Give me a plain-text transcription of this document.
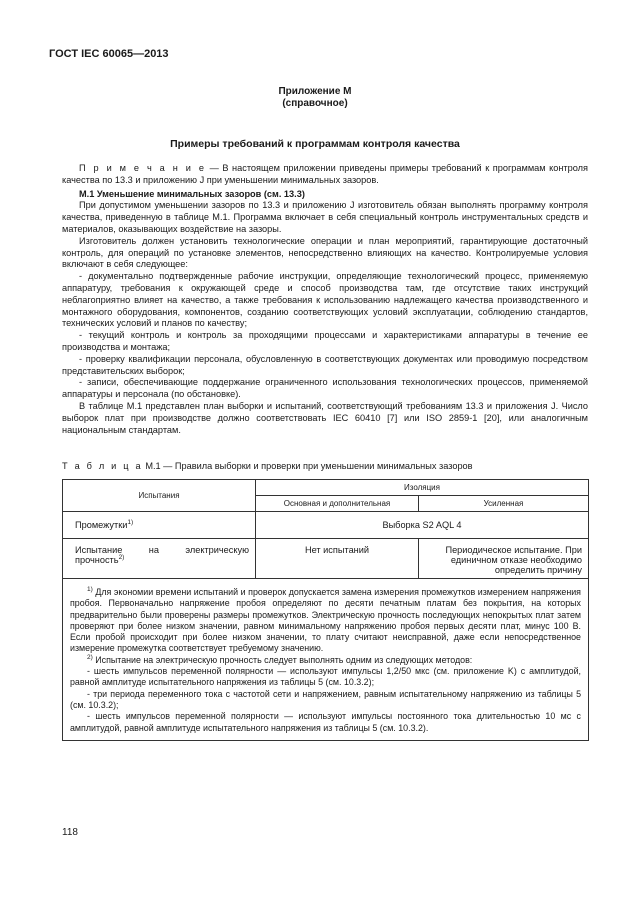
ГОСТ IEC 60065—2013
Приложение M
(справочное)
Примеры требований к программам контроля качества

П р и м е ч а н и е — В настоящем приложении приведены примеры требований к программам контроля качества по 13.3 и приложению J при уменьшении минимальных зазоров.

M.1 Уменьшение минимальных зазоров (см. 13.3)

При допустимом уменьшении зазоров по 13.3 и приложению J изготовитель обязан выполнять программу контроля качества, приведенную в таблице M.1. Программа включает в себя специальный контроль инструментальных средств и материалов, оказывающих воздействие на зазоры.

Изготовитель должен установить технологические операции и план мероприятий, гарантирующие достаточный контроль, для операций по установке элементов, непосредственно влияющих на качество. Контролируемые условия включают в себя следующее:

- документально подтвержденные рабочие инструкции, определяющие технологический процесс, применяемую аппаратуру, требования к окружающей среде и способ производства там, где отсутствие таких инструкций неблагоприятно влияет на качество, а также требования к использованию надлежащего качества производственного и монтажного оборудования, компонентов, созданию соответствующих условий эксплуатации, соблюдению стандартов, технических условий и планов по качеству;

- текущий контроль и контроль за проходящими процессами и характеристиками аппаратуры в течение ее производства и монтажа;

- проверку квалификации персонала, обусловленную в соответствующих документах или проводимую посредством представительских выборок;

- записи, обеспечивающие поддержание ограниченного использования технологических процессов, применяемой аппаратуры и персонала (по обстановке).

В таблице M.1 представлен план выборки и испытаний, соответствующий требованиям 13.3 и приложения J. Число выборок плат при производстве должно соответствовать IEC 60410 [7] или ISO 2859-1 [20], или аналогичным национальным стандартам.

Т а б л и ц а M.1 — Правила выборки и проверки при уменьшении минимальных зазоров
Испытания	Изоляция	
	Основная и дополнительная	Усиленная
Промежутки$^{1)}$	Выборка S2 AQL 4	
Испытание на электрическую прочность$^{2)}$	Нет испытаний	Периодическое испытание. При единичном отказе необходимо определить причину

$^{1)}$ Для экономии времени испытаний и проверок допускается замена измерения промежутков измерением напряжения пробоя. Первоначально напряжение пробоя определяют по десяти печатным платам без покрытия, на которых предварительно были проверены размеры промежутков. Электрическую прочность последующих непокрытых плат затем проверяют при более низком значении, равном минимальному напряжению пробоя первых десяти плат, минус 100 В. Если пробой происходит при более низком значении, то плату считают неисправной, даже если непосредственное измерение промежутка соответствует требуемому значению.

$^{2)}$ Испытание на электрическую прочность следует выполнять одним из следующих методов:

- шесть импульсов переменной полярности — используют импульсы 1,2/50 мкс (см. приложение K) с амплитудой, равной амплитуде испытательного напряжения из таблицы 5 (см. 10.3.2);

- три периода переменного тока с частотой сети и напряжением, равным испытательному напряжению из таблицы 5 (см. 10.3.2);

- шесть импульсов переменной полярности — используют импульсы постоянного тока длительностью 10 мс с амплитудой, равной амплитуде испытательного напряжения из таблицы 5 (см. 10.3.2).		

118
